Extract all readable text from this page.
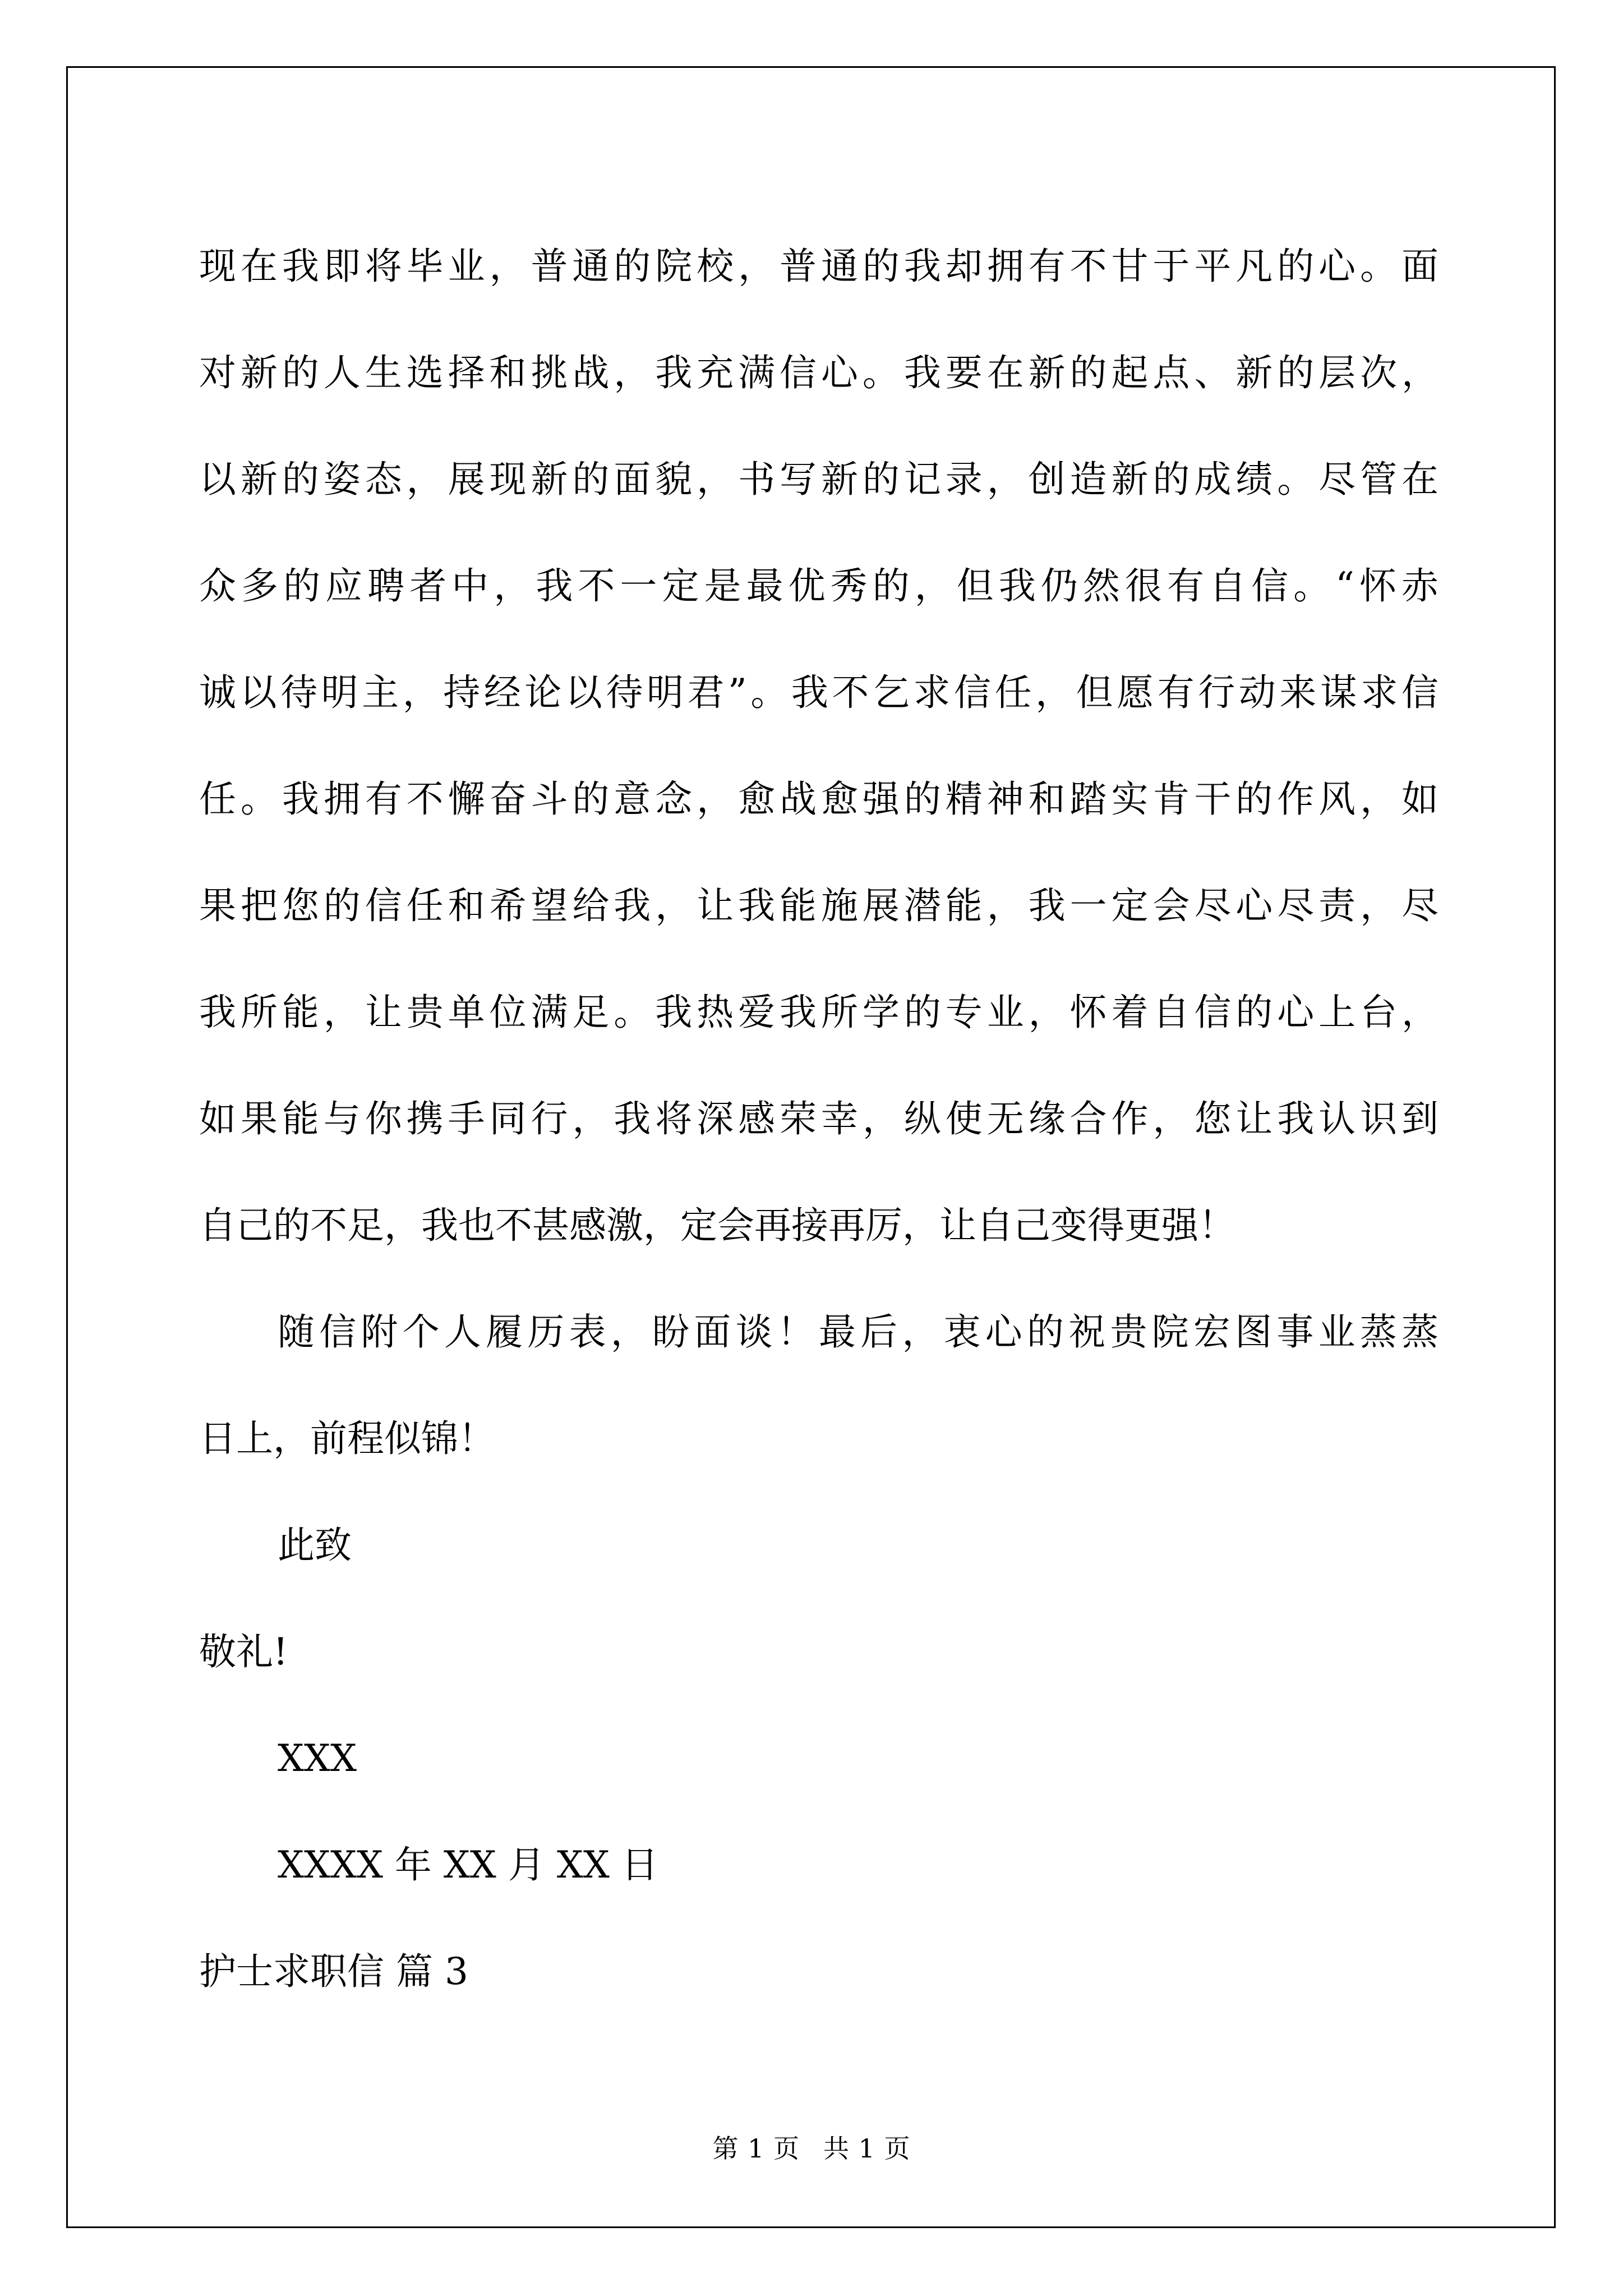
现在我即将毕业，普通的院校，普通的我却拥有不甘于平凡的心。面
对新的人生选择和挑战，我充满信心。我要在新的起点、新的层次，
以新的姿态，展现新的面貌，书写新的记录，创造新的成绩。尽管在
众多的应聘者中，我不一定是最优秀的，但我仍然很有自信。“怀赤
诚以待明主，持经论以待明君”。我不乞求信任，但愿有行动来谋求信
任。我拥有不懈奋斗的意念，愈战愈强的精神和踏实肯干的作风，如
果把您的信任和希望给我，让我能施展潜能，我一定会尽心尽责，尽
我所能，让贵单位满足。我热爱我所学的专业，怀着自信的心上台，
如果能与你携手同行，我将深感荣幸，纵使无缘合作，您让我认识到
自己的不足，我也不甚感激，定会再接再厉，让自己变得更强！
随信附个人履历表，盼面谈！最后，衷心的祝贵院宏图事业蒸蒸
日上，前程似锦！
此致
敬礼!
XXX
XXXX 年 XX 月 XX 日
护士求职信 篇 3
第 1 页 共 1 页
